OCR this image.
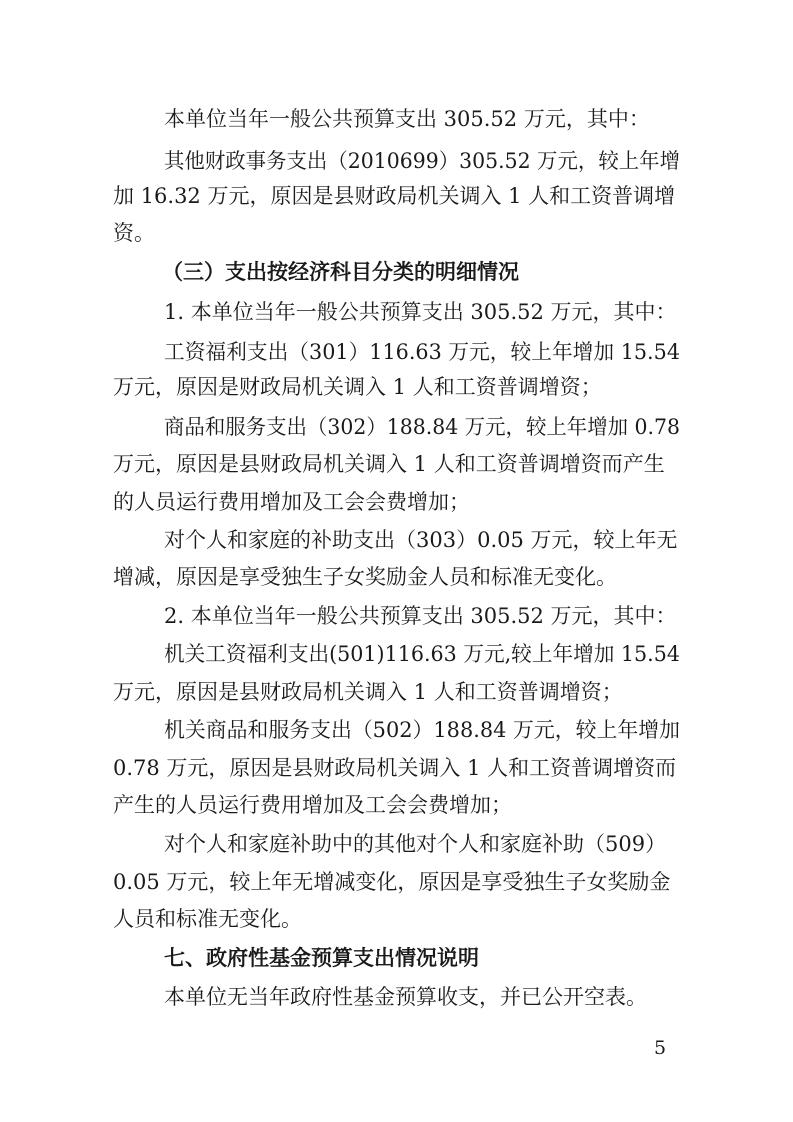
本单位当年一般公共预算支出 305.52 万元，其中：
其他财政事务支出（2010699）305.52 万元，较上年增
加 16.32 万元，原因是县财政局机关调入 1 人和工资普调增
资。
（三）支出按经济科目分类的明细情况
1. 本单位当年一般公共预算支出 305.52 万元，其中：
工资福利支出（301）116.63 万元，较上年增加 15.54
万元，原因是财政局机关调入 1 人和工资普调增资；
商品和服务支出（302）188.84 万元，较上年增加 0.78
万元，原因是县财政局机关调入 1 人和工资普调增资而产生
的人员运行费用增加及工会会费增加；
对个人和家庭的补助支出（303）0.05 万元，较上年无
增减，原因是享受独生子女奖励金人员和标准无变化。
2. 本单位当年一般公共预算支出 305.52 万元，其中：
机关工资福利支出(501)116.63 万元,较上年增加 15.54
万元，原因是县财政局机关调入 1 人和工资普调增资；
机关商品和服务支出（502）188.84 万元，较上年增加
0.78 万元，原因是县财政局机关调入 1 人和工资普调增资而
产生的人员运行费用增加及工会会费增加；
对个人和家庭补助中的其他对个人和家庭补助（509）
0.05 万元，较上年无增减变化，原因是享受独生子女奖励金
人员和标准无变化。
七、政府性基金预算支出情况说明
本单位无当年政府性基金预算收支，并已公开空表。
5
